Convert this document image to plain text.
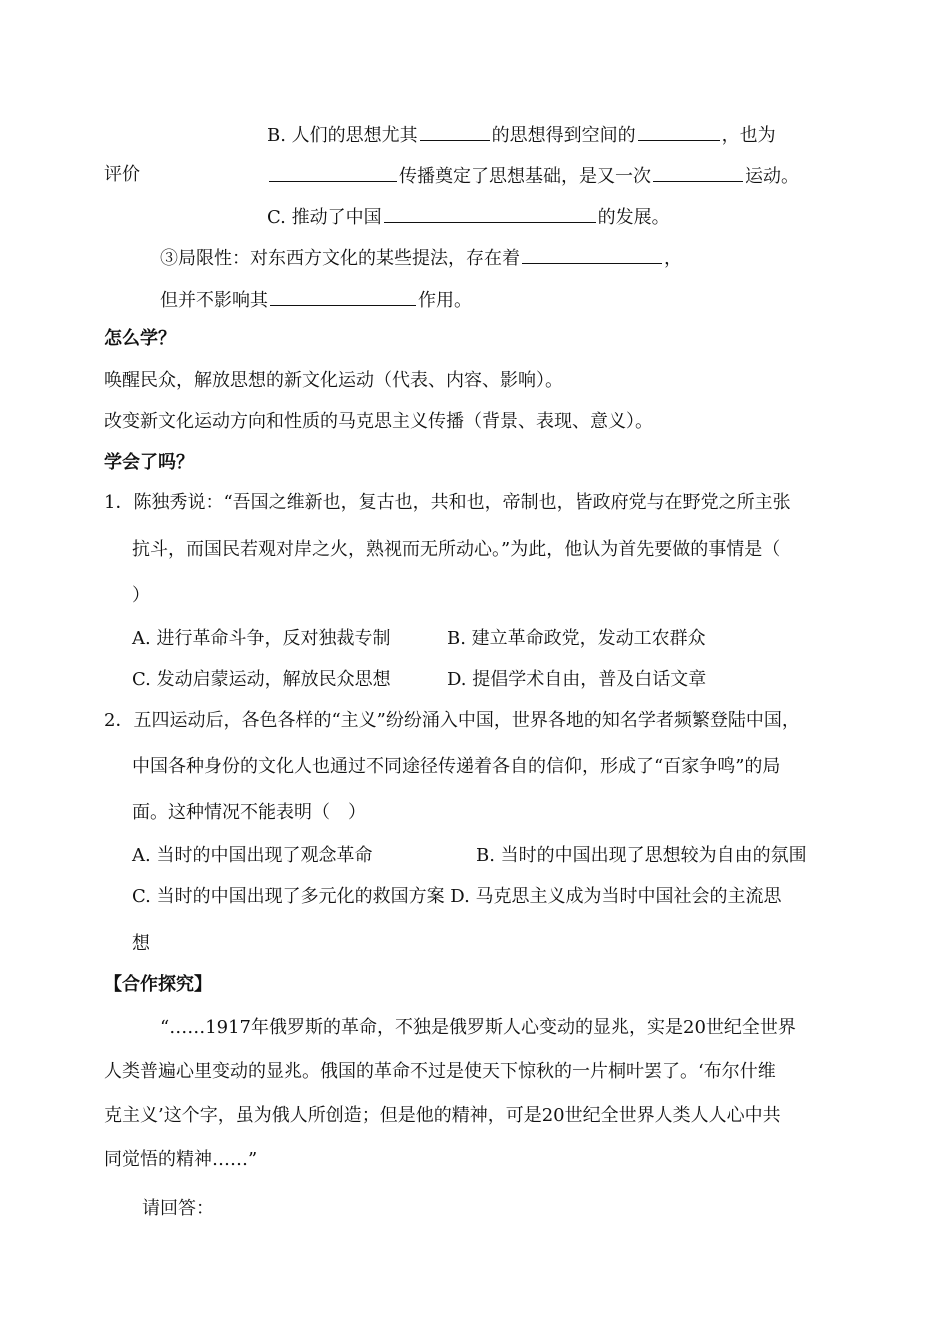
B. 人们的思想尤其	的思想得到空间的	，也为
评价	传播奠定了思想基础，是又一次	运动。
C. 推动了中国	的发展。
③局限性：对东西方文化的某些提法，存在着	，
但并不影响其	作用。
怎么学？
唤醒民众，解放思想的新文化运动（代表、内容、影响）。
改变新文化运动方向和性质的马克思主义传播（背景、表现、意义）。
学会了吗？
1．陈独秀说：“吾国之维新也，复古也，共和也，帝制也，皆政府党与在野党之所主张
抗斗，而国民若观对岸之火，熟视而无所动心。”为此，他认为首先要做的事情是（
）
A. 进行革命斗争，反对独裁专制	B. 建立革命政党，发动工农群众
C. 发动启蒙运动，解放民众思想	D. 提倡学术自由，普及白话文章
2．五四运动后，各色各样的“主义”纷纷涌入中国，世界各地的知名学者频繁登陆中国，
中国各种身份的文化人也通过不同途径传递着各自的信仰，形成了“百家争鸣”的局
面。这种情况不能表明（　）
A. 当时的中国出现了观念革命	B. 当时的中国出现了思想较为自由的氛围
C. 当时的中国出现了多元化的救国方案 D. 马克思主义成为当时中国社会的主流思
想
【合作探究】
“……1917年俄罗斯的革命，不独是俄罗斯人心变动的显兆，实是20世纪全世界
人类普遍心里变动的显兆。俄国的革命不过是使天下惊秋的一片桐叶罢了。‘布尔什维
克主义’这个字，虽为俄人所创造；但是他的精神，可是20世纪全世界人类人人心中共
同觉悟的精神……”
请回答：
